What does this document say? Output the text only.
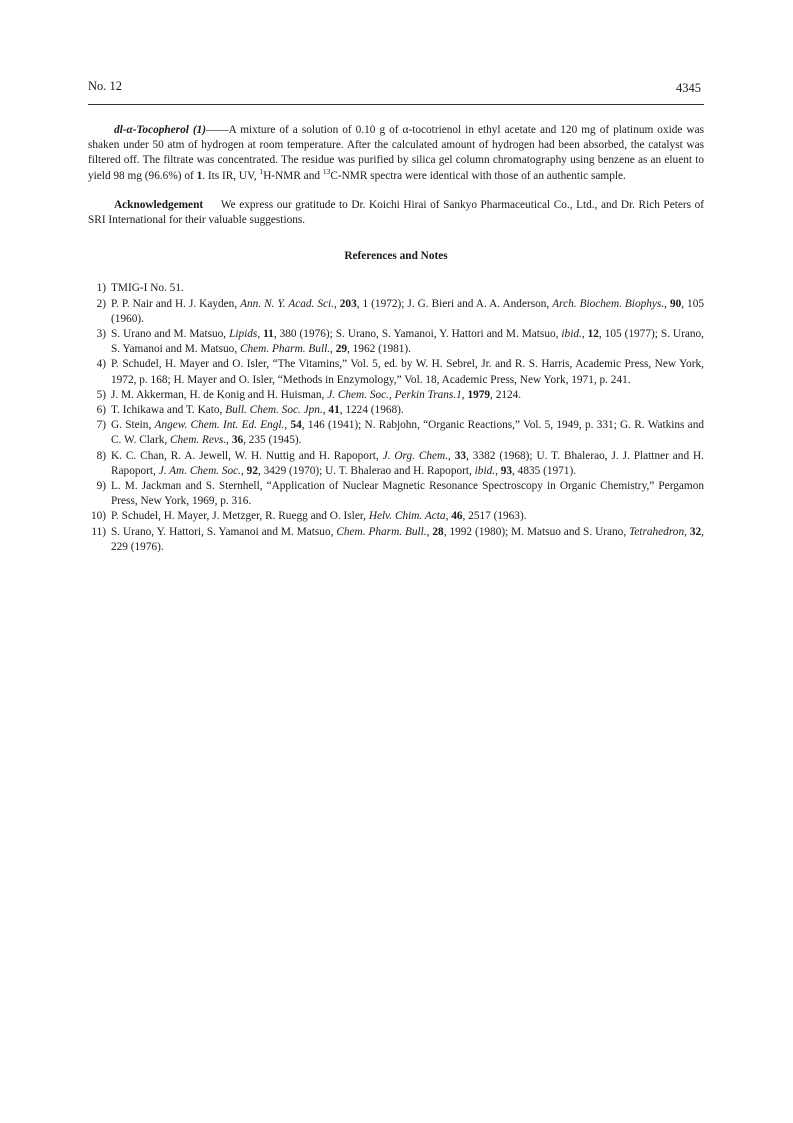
No. 12	4345

dl-α-Tocopherol (1)——A mixture of a solution of 0.10 g of α-tocotrienol in ethyl acetate and 120 mg of platinum oxide was shaken under 50 atm of hydrogen at room temperature. After the calculated amount of hydrogen had been absorbed, the catalyst was filtered off. The filtrate was concentrated. The residue was purified by silica gel column chromatography using benzene as an eluent to yield 98 mg (96.6%) of 1. Its IR, UV, $^1$H-NMR and $^{13}$C-NMR spectra were identical with those of an authentic sample.

Acknowledgement We express our gratitude to Dr. Koichi Hirai of Sankyo Pharmaceutical Co., Ltd., and Dr. Rich Peters of SRI International for their valuable suggestions.

References and Notes
1) TMIG-I No. 51.
2) P. P. Nair and H. J. Kayden, Ann. N. Y. Acad. Sci., 203, 1 (1972); J. G. Bieri and A. A. Anderson, Arch. Biochem. Biophys., 90, 105 (1960).
3) S. Urano and M. Matsuo, Lipids, 11, 380 (1976); S. Urano, S. Yamanoi, Y. Hattori and M. Matsuo, ibid., 12, 105 (1977); S. Urano, S. Yamanoi and M. Matsuo, Chem. Pharm. Bull., 29, 1962 (1981).
4) P. Schudel, H. Mayer and O. Isler, “The Vitamins,” Vol. 5, ed. by W. H. Sebrel, Jr. and R. S. Harris, Academic Press, New York, 1972, p. 168; H. Mayer and O. Isler, “Methods in Enzymology,” Vol. 18, Academic Press, New York, 1971, p. 241.
5) J. M. Akkerman, H. de Konig and H. Huisman, J. Chem. Soc., Perkin Trans.1, 1979, 2124.
6) T. Ichikawa and T. Kato, Bull. Chem. Soc. Jpn., 41, 1224 (1968).
7) G. Stein, Angew. Chem. Int. Ed. Engl., 54, 146 (1941); N. Rabjohn, “Organic Reactions,” Vol. 5, 1949, p. 331; G. R. Watkins and C. W. Clark, Chem. Revs., 36, 235 (1945).
8) K. C. Chan, R. A. Jewell, W. H. Nuttig and H. Rapoport, J. Org. Chem., 33, 3382 (1968); U. T. Bhalerao, J. J. Plattner and H. Rapoport, J. Am. Chem. Soc., 92, 3429 (1970); U. T. Bhalerao and H. Rapoport, ibid., 93, 4835 (1971).
9) L. M. Jackman and S. Sternhell, “Application of Nuclear Magnetic Resonance Spectroscopy in Organic Chemistry,” Pergamon Press, New York, 1969, p. 316.
10) P. Schudel, H. Mayer, J. Metzger, R. Ruegg and O. Isler, Helv. Chim. Acta, 46, 2517 (1963).
11) S. Urano, Y. Hattori, S. Yamanoi and M. Matsuo, Chem. Pharm. Bull., 28, 1992 (1980); M. Matsuo and S. Urano, Tetrahedron, 32, 229 (1976).
